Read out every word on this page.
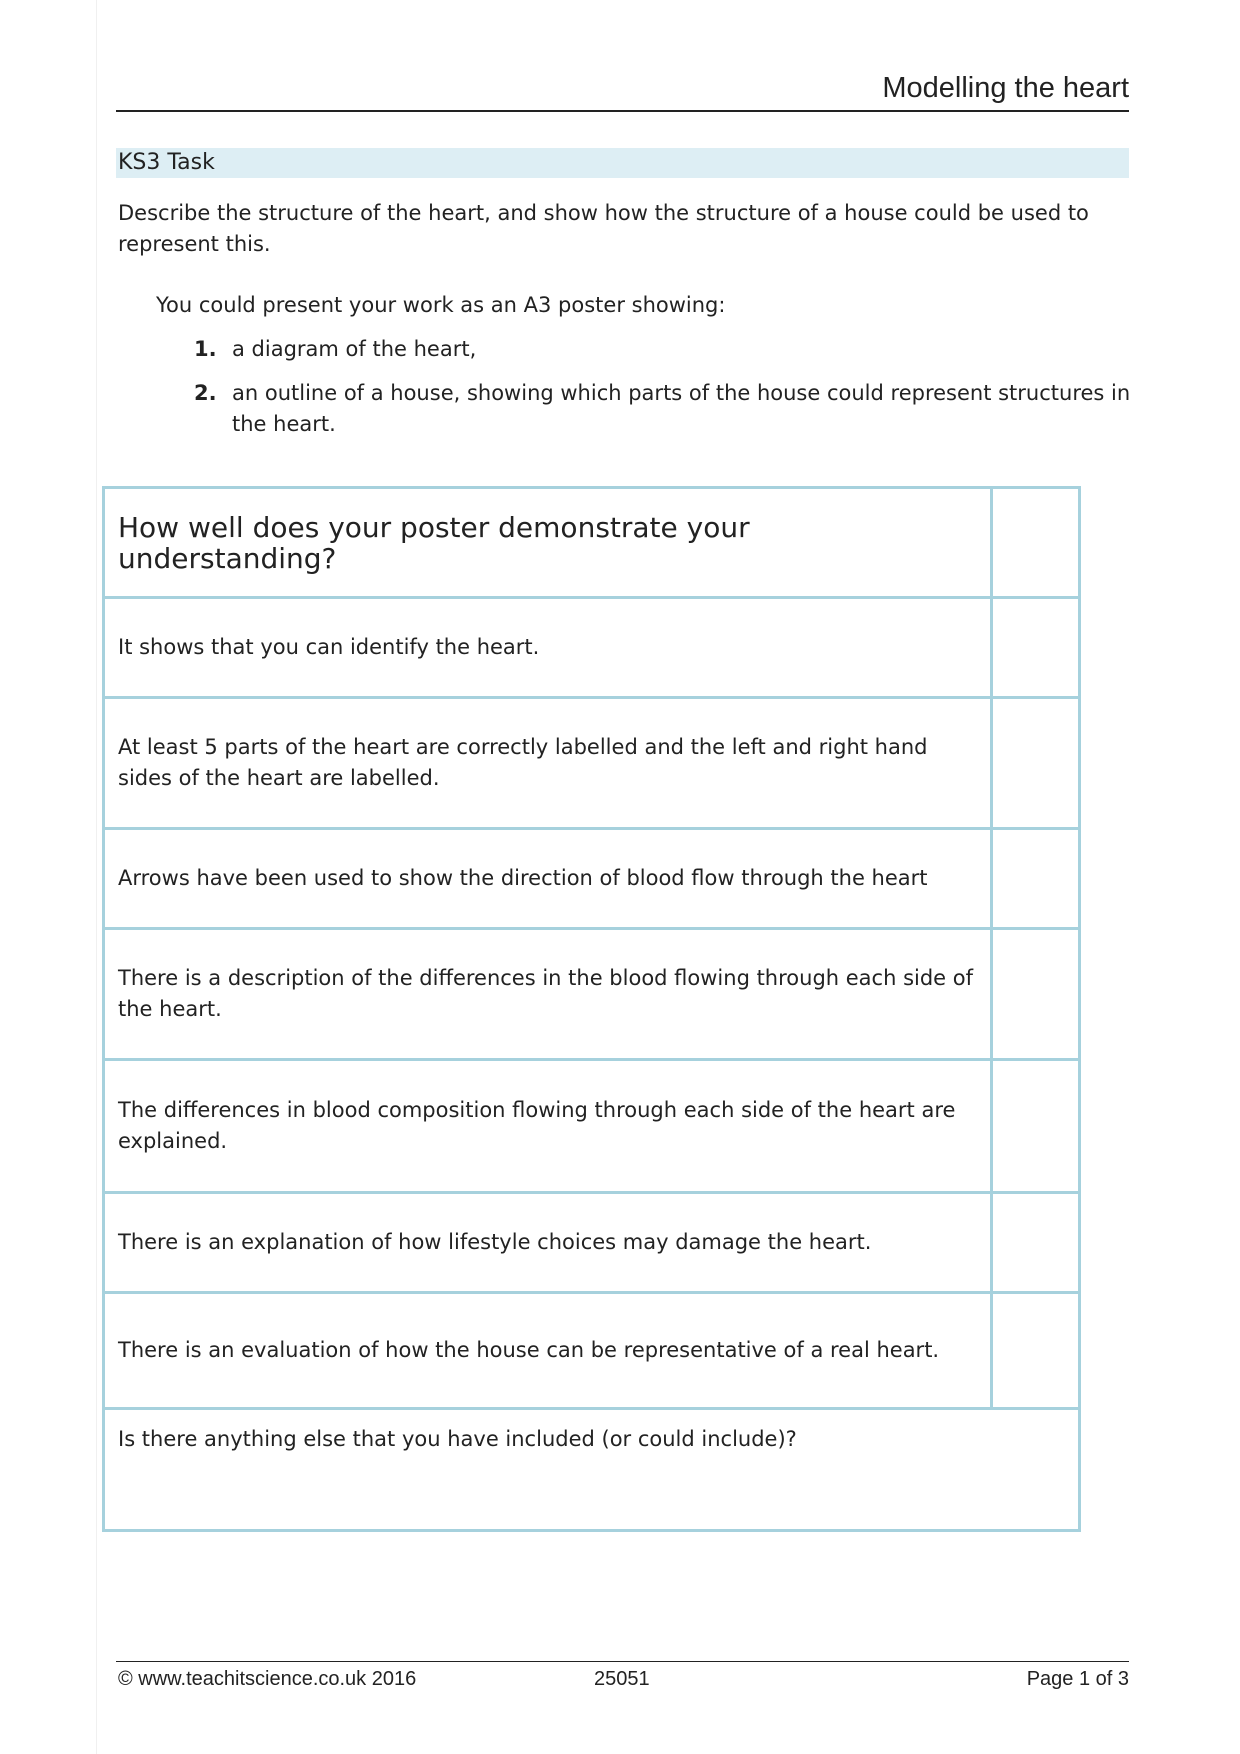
Modelling the heart
KS3 Task
Describe the structure of the heart, and show how the structure of a house could be used to represent this.
You could present your work as an A3 poster showing:
1. a diagram of the heart,
2. an outline of a house, showing which parts of the house could represent structures in the heart.
How well does your poster demonstrate your understanding?	
It shows that you can identify the heart.	
At least 5 parts of the heart are correctly labelled and the left and right hand sides of the heart are labelled.	
Arrows have been used to show the direction of blood flow through the heart	
There is a description of the differences in the blood flowing through each side of the heart.	
The differences in blood composition flowing through each side of the heart are explained.	
There is an explanation of how lifestyle choices may damage the heart.	
There is an evaluation of how the house can be representative of a real heart.	
Is there anything else that you have included (or could include)?	
© www.teachitscience.co.uk 2016	25051	Page 1 of 3
